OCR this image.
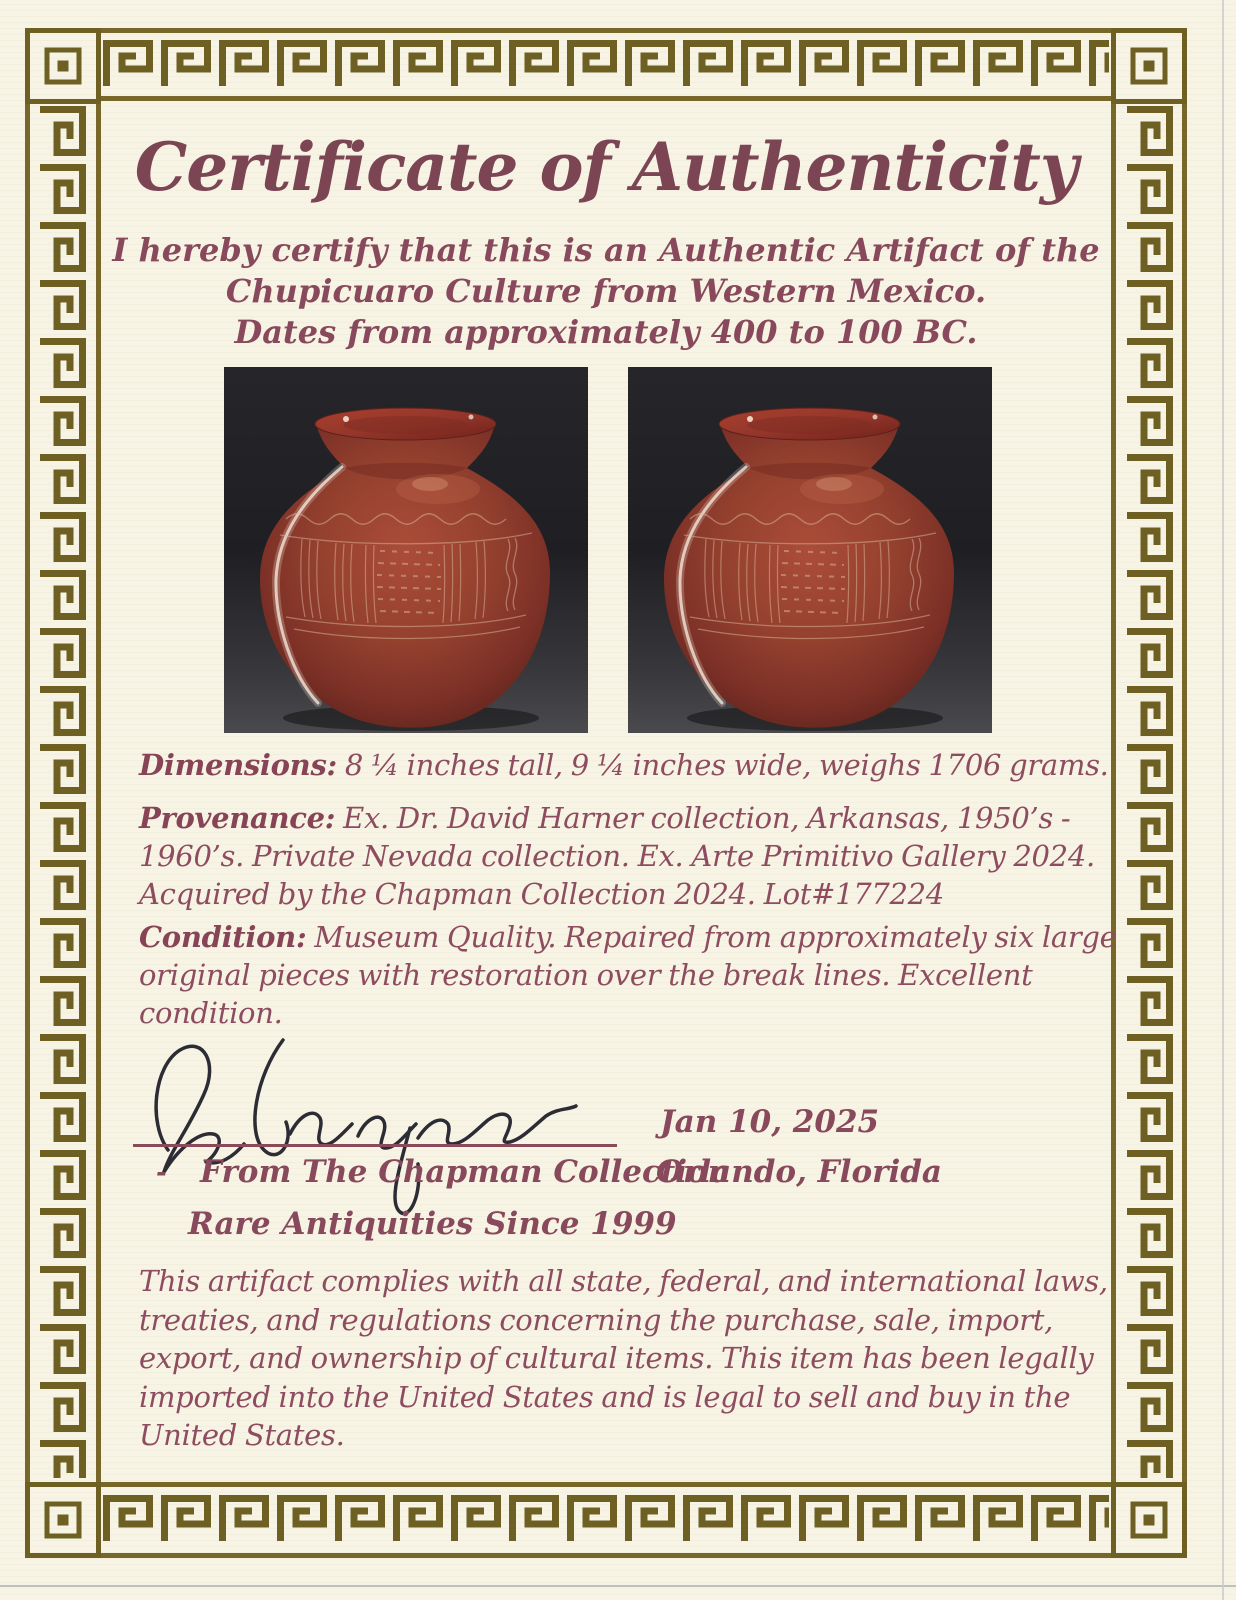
Certificate of Authenticity
I hereby certify that this is an Authentic Artifact of the
Chupicuaro Culture from Western Mexico.
Dates from approximately 400 to 100 BC.
Dimensions: 8 ¼ inches tall, 9 ¼ inches wide, weighs 1706 grams.
Provenance: Ex. Dr. David Harner collection, Arkansas, 1950’s - 1960’s. Private Nevada collection. Ex. Arte Primitivo Gallery 2024. Acquired by the Chapman Collection 2024. Lot#177224
Condition: Museum Quality. Repaired from approximately six large original pieces with restoration over the break lines. Excellent condition.
Jan 10, 2025
- From The Chapman Collection
Orlando, Florida
Rare Antiquities Since 1999
This artifact complies with all state, federal, and international laws, treaties, and regulations concerning the purchase, sale, import, export, and ownership of cultural items. This item has been legally imported into the United States and is legal to sell and buy in the United States.
